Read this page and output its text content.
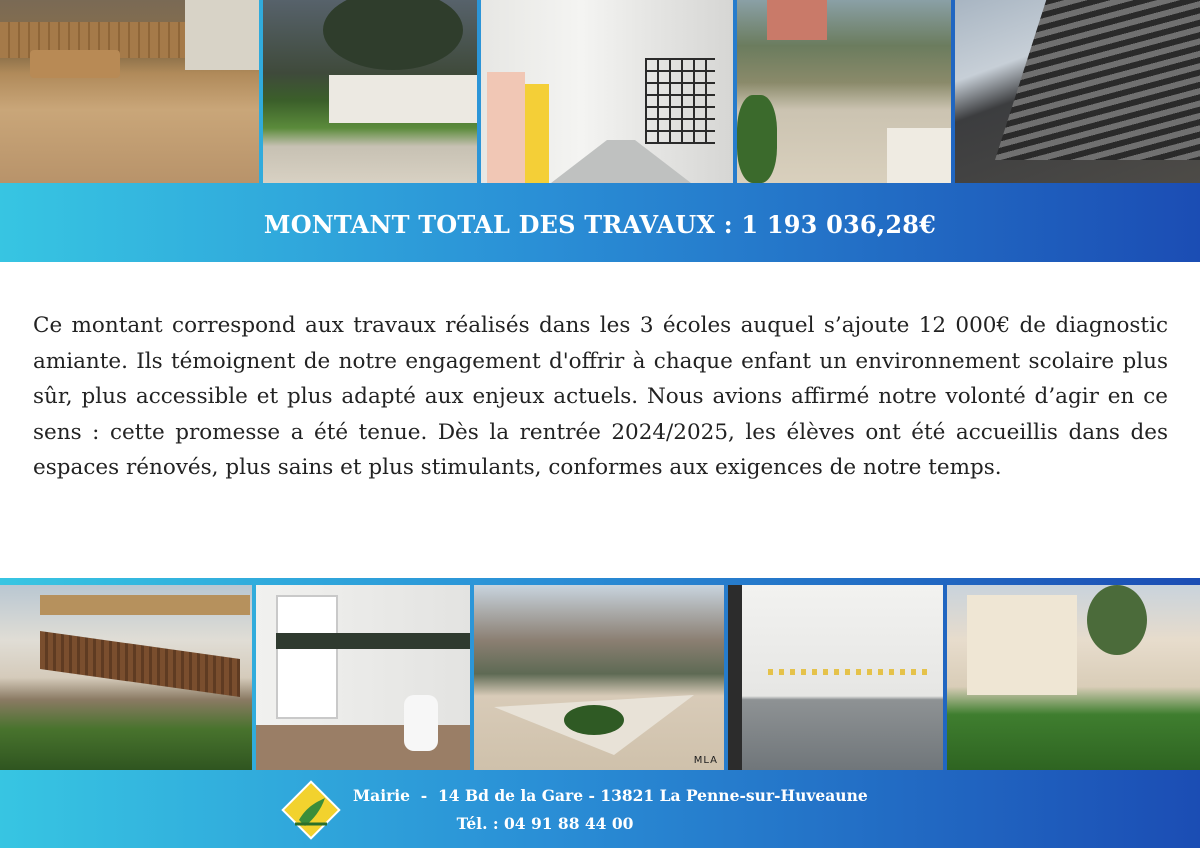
MONTANT TOTAL DES TRAVAUX : 1 193 036,28€

Ce montant correspond aux travaux réalisés dans les 3 écoles auquel s’ajoute 12 000€ de diagnostic amiante. Ils témoignent de notre engagement d'offrir à chaque enfant un environnement scolaire plus sûr, plus accessible et plus adapté aux enjeux actuels. Nous avions affirmé notre volonté d’agir en ce sens : cette promesse a été tenue. Dès la rentrée 2024/2025, les élèves ont été accueillis dans des espaces rénovés, plus sains et plus stimulants, conformes aux exigences de notre temps.

MLA
Mairie  -  14 Bd de la Gare - 13821 La Penne-sur-Huveaune
Tél. : 04 91 88 44 00
